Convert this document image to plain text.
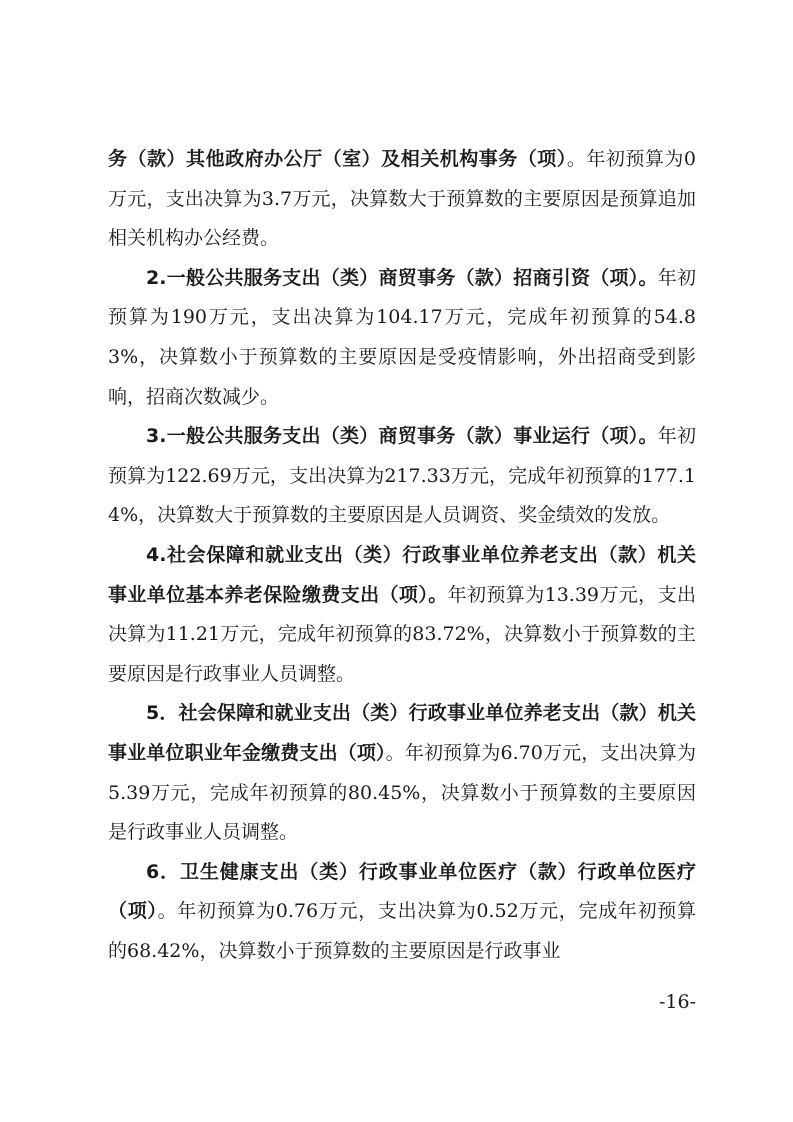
务（款）其他政府办公厅（室）及相关机构事务（项）。年初预算为0万元，支出决算为3.7万元，决算数大于预算数的主要原因是预算追加相关机构办公经费。

2.一般公共服务支出（类）商贸事务（款）招商引资（项）。年初预算为190万元，支出决算为104.17万元，完成年初预算的54.83%，决算数小于预算数的主要原因是受疫情影响，外出招商受到影响，招商次数减少。

3.一般公共服务支出（类）商贸事务（款）事业运行（项）。年初预算为122.69万元，支出决算为217.33万元，完成年初预算的177.14%，决算数大于预算数的主要原因是人员调资、奖金绩效的发放。

4.社会保障和就业支出（类）行政事业单位养老支出（款）机关事业单位基本养老保险缴费支出（项）。年初预算为13.39万元，支出决算为11.21万元，完成年初预算的83.72%，决算数小于预算数的主要原因是行政事业人员调整。

5．社会保障和就业支出（类）行政事业单位养老支出（款）机关事业单位职业年金缴费支出（项）。年初预算为6.70万元，支出决算为5.39万元，完成年初预算的80.45%，决算数小于预算数的主要原因是行政事业人员调整。

6．卫生健康支出（类）行政事业单位医疗（款）行政单位医疗（项）。年初预算为0.76万元，支出决算为0.52万元，完成年初预算的68.42%，决算数小于预算数的主要原因是行政事业

-16-
